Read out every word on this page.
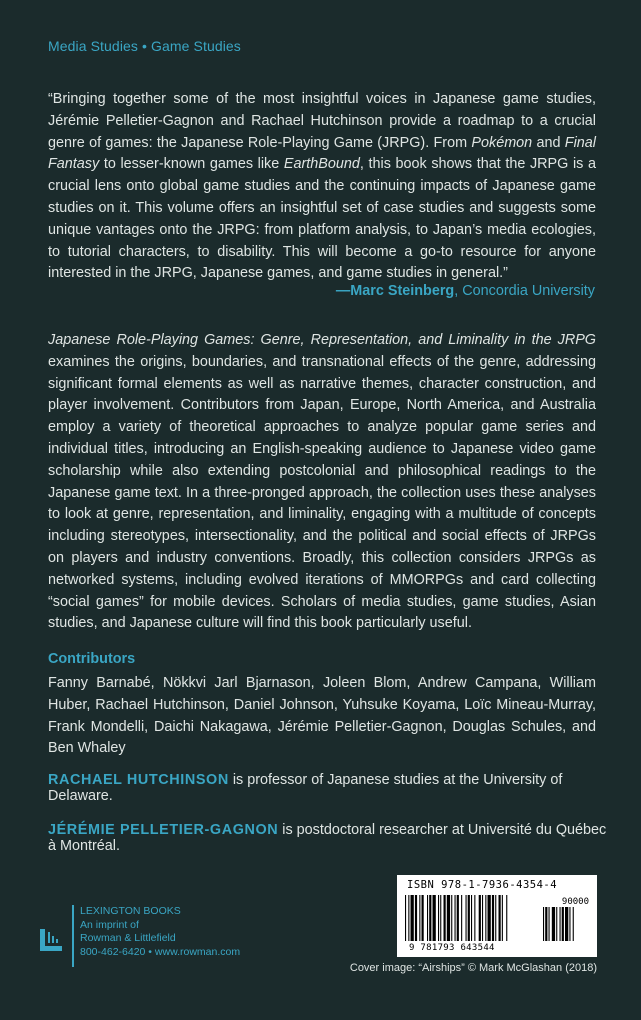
Media Studies • Game Studies
“Bringing together some of the most insightful voices in Japanese game studies, Jérémie Pelletier-Gagnon and Rachael Hutchinson provide a roadmap to a crucial genre of games: the Japanese Role-Playing Game (JRPG). From Pokémon and Final Fantasy to lesser-known games like EarthBound, this book shows that the JRPG is a crucial lens onto global game studies and the continuing impacts of Japanese game studies on it. This volume offers an insightful set of case studies and suggests some unique vantages onto the JRPG: from platform analysis, to Japan’s media ecologies, to tutorial characters, to disability. This will become a go-to resource for anyone interested in the JRPG, Japanese games, and game studies in general.”
—Marc Steinberg, Concordia University
Japanese Role-Playing Games: Genre, Representation, and Liminality in the JRPG examines the origins, boundaries, and transnational effects of the genre, addressing significant formal elements as well as narrative themes, character construction, and player involvement. Contributors from Japan, Europe, North America, and Australia employ a variety of theoretical approaches to analyze popular game series and individual titles, introducing an English-speaking audience to Japanese video game scholarship while also extending postcolonial and philosophical readings to the Japanese game text. In a three-pronged approach, the collection uses these analyses to look at genre, representation, and liminality, engaging with a multitude of concepts including stereotypes, intersectionality, and the political and social effects of JRPGs on players and industry conventions. Broadly, this collection considers JRPGs as networked systems, including evolved iterations of MMORPGs and card collecting “social games” for mobile devices. Scholars of media studies, game studies, Asian studies, and Japanese culture will find this book particularly useful.
Contributors
Fanny Barnabé, Nökkvi Jarl Bjarnason, Joleen Blom, Andrew Campana, William Huber, Rachael Hutchinson, Daniel Johnson, Yuhsuke Koyama, Loïc Mineau-Murray, Frank Mondelli, Daichi Nakagawa, Jérémie Pelletier-Gagnon, Douglas Schules, and Ben Whaley
RACHAEL HUTCHINSON is professor of Japanese studies at the University of Delaware.
JÉRÉMIE PELLETIER-GAGNON is postdoctoral researcher at Université du Québec à Montréal.
LEXINGTON BOOKS
An imprint of
Rowman & Littlefield
800-462-6420 • www.rowman.com
ISBN 978-1-7936-4354-4
90000
9 781793 643544
Cover image: “Airships” © Mark McGlashan (2018)
